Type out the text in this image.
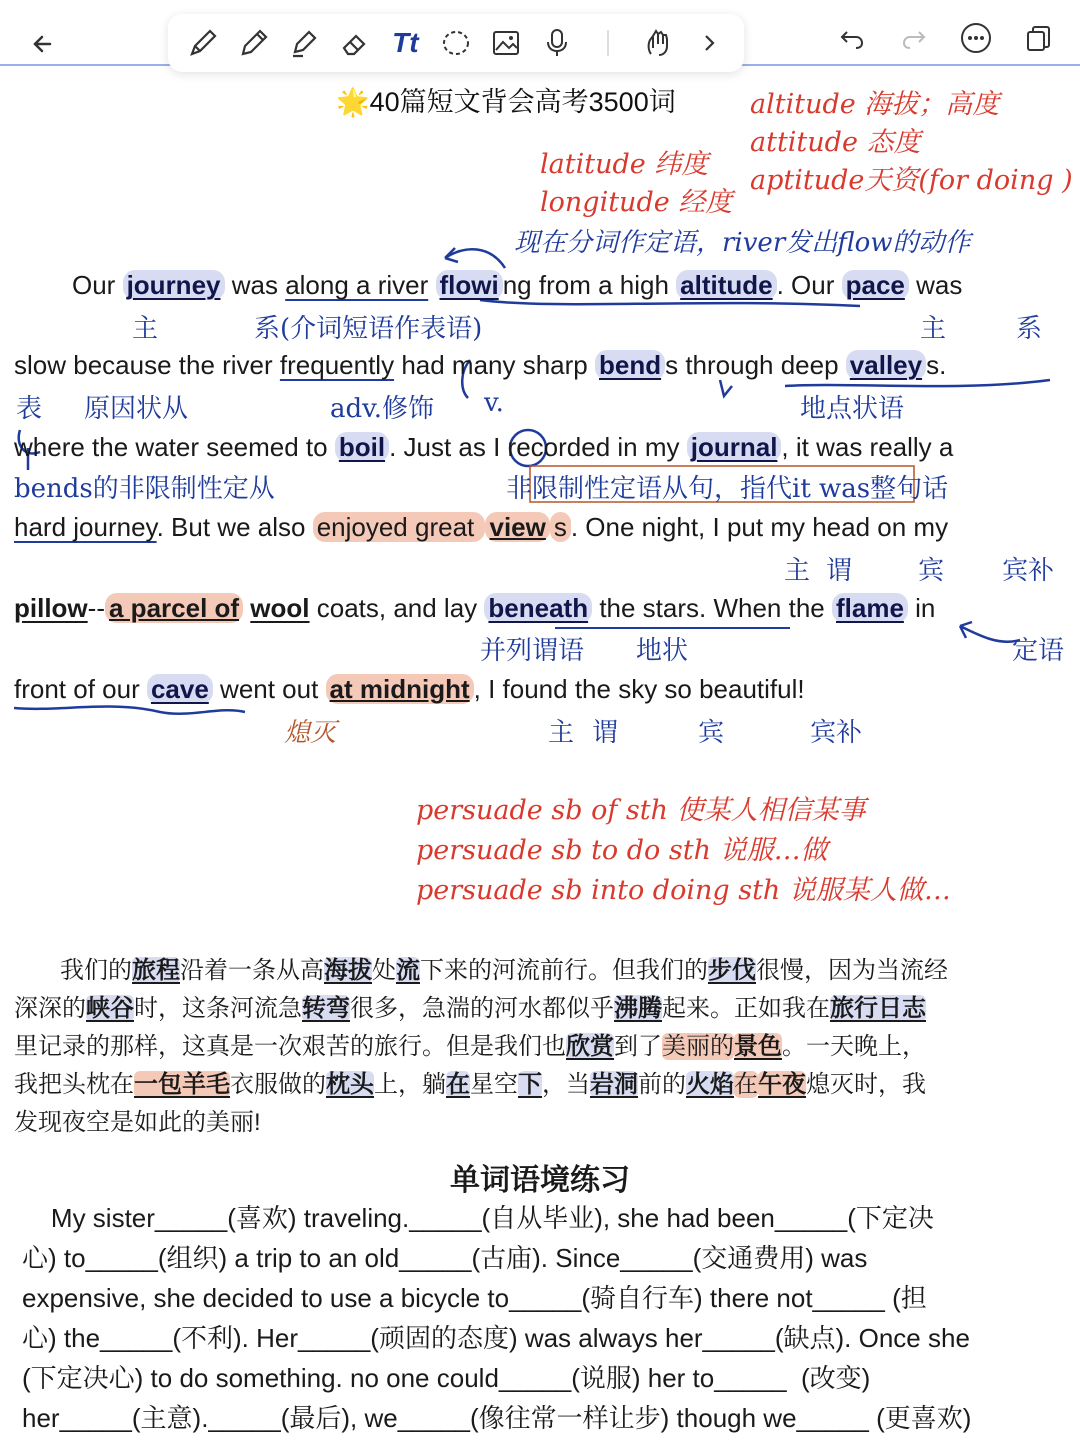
Tt
🌟40篇短文背会高考3500词	altitude 海拔；高度
attitude 态度
aptitude天资(for doing )
latitude 纬度
longitude 经度
现在分词作定语，river发出flow的动作
Our journey was along a river flowi ng from a high altitude . Our pace was
主	系(介词短语作表语)	主	系
slow because the river frequently had many sharp bend s through deep valley s.
表 原因状从	adv.修饰 v.	地点状语
where the water seemed to boil . Just as I recorded in my journal , it was really a
bends的非限制性定从	非限制性定语从句，指代it was整句话
hard journey. But we also enjoyed great view s . One night, I put my head on my
主 谓	宾 宾补
pillow-- a parcel of wool coats, and lay beneath the stars. When the flame in
并列谓语 地状	定语
front of our cave went out at midnight , I found the sky so beautiful!
熄灭	主 谓	宾	宾补
persuade sb of sth 使某人相信某事
persuade sb to do sth 说服…做
persuade sb into doing sth 说服某人做…
我们的旅程沿着一条从高海拔处流下来的河流前行。但我们的步伐很慢，因为当流经
深深的峡谷时，这条河流急转弯很多，急湍的河水都似乎沸腾起来。正如我在旅行日志
里记录的那样，这真是一次艰苦的旅行。但是我们也欣赏到了美丽的景色。一天晚上，
我把头枕在一包羊毛衣服做的枕头上，躺在星空下，当岩洞前的火焰在午夜熄灭时，我
发现夜空是如此的美丽!
单词语境练习
My sister_____(喜欢) traveling._____(自从毕业), she had been_____(下定决
心) to_____(组织) a trip to an old_____(古庙). Since_____(交通费用) was
expensive, she decided to use a bicycle to_____(骑自行车) there not_____ (担
心) the_____(不利). Her_____(顽固的态度) was always her_____(缺点). Once she
(下定决心) to do something. no one could_____(说服) her to_____  (改变)
her_____(主意)._____(最后), we_____(像往常一样让步) though we_____ (更喜欢)
